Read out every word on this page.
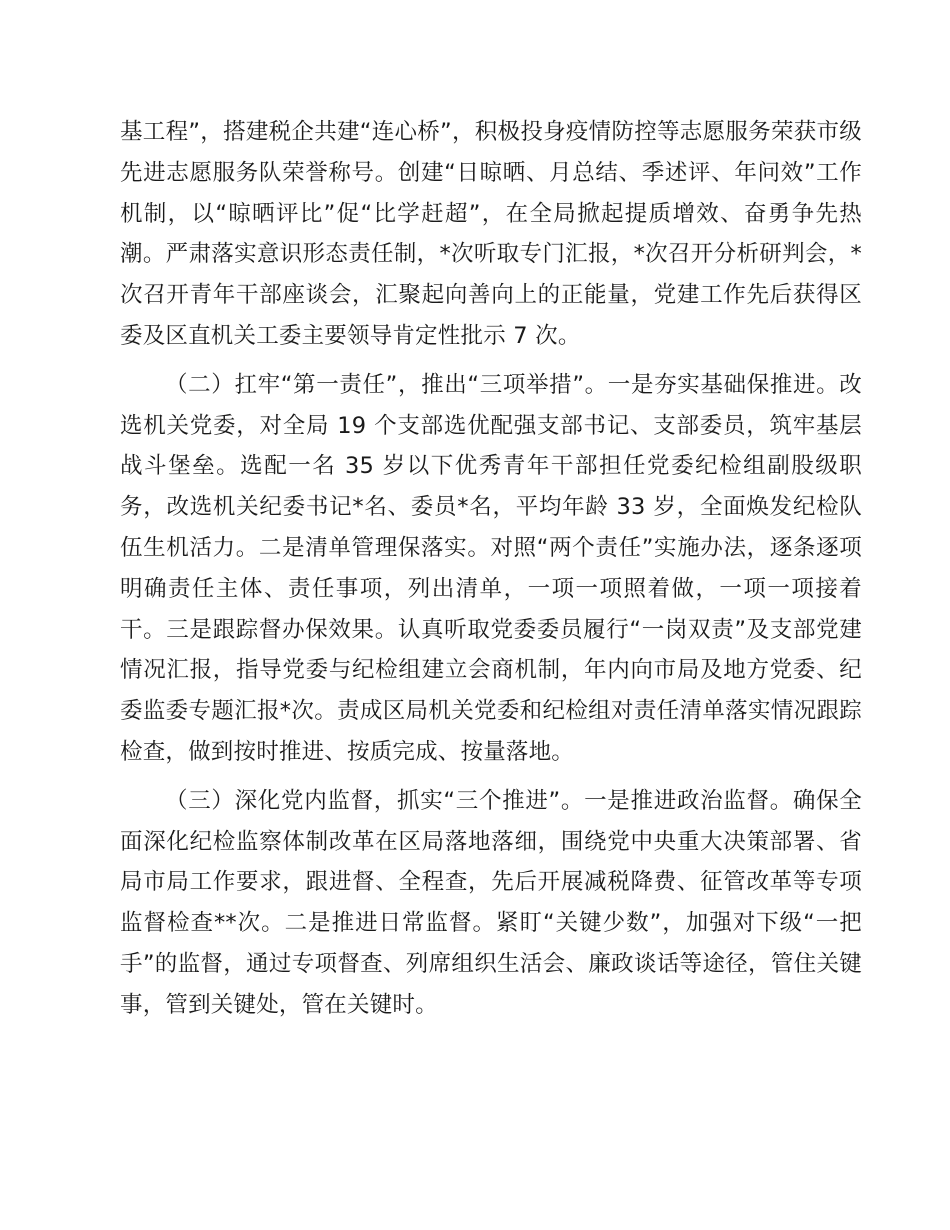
基工程”，搭建税企共建“连心桥”，积极投身疫情防控等志愿服务荣获市级先进志愿服务队荣誉称号。创建“日晾晒、月总结、季述评、年问效”工作机制，以“晾晒评比”促“比学赶超”，在全局掀起提质增效、奋勇争先热潮。严肃落实意识形态责任制，*次听取专门汇报，*次召开分析研判会，*次召开青年干部座谈会，汇聚起向善向上的正能量，党建工作先后获得区委及区直机关工委主要领导肯定性批示 7 次。

（二）扛牢“第一责任”，推出“三项举措”。一是夯实基础保推进。改选机关党委，对全局 19 个支部选优配强支部书记、支部委员，筑牢基层战斗堡垒。选配一名 35 岁以下优秀青年干部担任党委纪检组副股级职务，改选机关纪委书记*名、委员*名，平均年龄 33 岁，全面焕发纪检队伍生机活力。二是清单管理保落实。对照“两个责任”实施办法，逐条逐项明确责任主体、责任事项，列出清单，一项一项照着做，一项一项接着干。三是跟踪督办保效果。认真听取党委委员履行“一岗双责”及支部党建情况汇报，指导党委与纪检组建立会商机制，年内向市局及地方党委、纪委监委专题汇报*次。责成区局机关党委和纪检组对责任清单落实情况跟踪检查，做到按时推进、按质完成、按量落地。

（三）深化党内监督，抓实“三个推进”。一是推进政治监督。确保全面深化纪检监察体制改革在区局落地落细，围绕党中央重大决策部署、省局市局工作要求，跟进督、全程查，先后开展减税降费、征管改革等专项监督检查**次。二是推进日常监督。紧盯“关键少数”，加强对下级“一把手”的监督，通过专项督查、列席组织生活会、廉政谈话等途径，管住关键事，管到关键处，管在关键时。
